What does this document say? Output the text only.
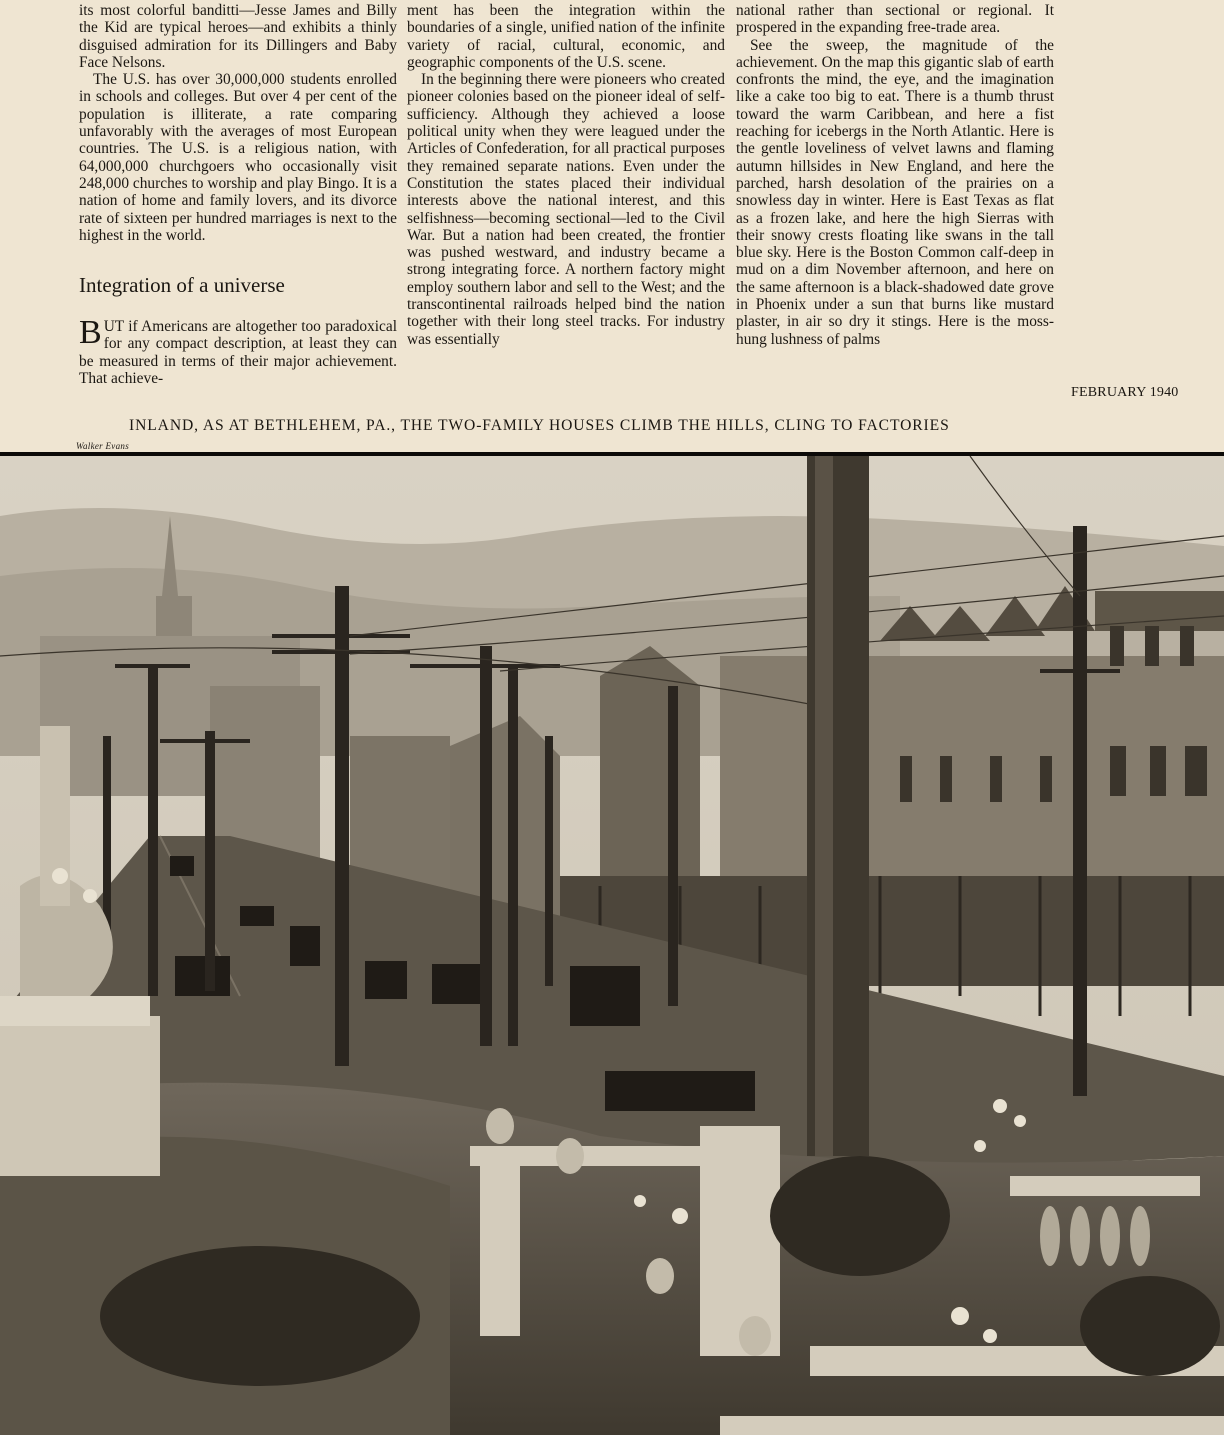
its most colorful banditti—Jesse James and Billy the Kid are typical heroes—and exhibits a thinly disguised admiration for its Dillingers and Baby Face Nelsons.

The U.S. has over 30,000,000 students enrolled in schools and colleges. But over 4 per cent of the population is illiterate, a rate comparing unfavorably with the averages of most European countries. The U.S. is a religious nation, with 64,000,000 churchgoers who occasionally visit 248,000 churches to worship and play Bingo. It is a nation of home and family lovers, and its divorce rate of sixteen per hundred marriages is next to the highest in the world.

Integration of a universe

BUT if Americans are altogether too paradoxical for any compact description, at least they can be measured in terms of their major achievement. That achieve-

ment has been the integration within the boundaries of a single, unified nation of the infinite variety of racial, cultural, economic, and geographic components of the U.S. scene.

In the beginning there were pioneers who created pioneer colonies based on the pioneer ideal of self-sufficiency. Although they achieved a loose political unity when they were leagued under the Articles of Confederation, for all practical purposes they remained separate nations. Even under the Constitution the states placed their individual interests above the national interest, and this selfishness—becoming sectional—led to the Civil War. But a nation had been created, the frontier was pushed westward, and industry became a strong integrating force. A northern factory might employ southern labor and sell to the West; and the transcontinental railroads helped bind the nation together with their long steel tracks. For industry was essentially

national rather than sectional or regional. It prospered in the expanding free-trade area.

See the sweep, the magnitude of the achievement. On the map this gigantic slab of earth confronts the mind, the eye, and the imagination like a cake too big to eat. There is a thumb thrust toward the warm Caribbean, and here a fist reaching for icebergs in the North Atlantic. Here is the gentle loveliness of velvet lawns and flaming autumn hillsides in New England, and here the parched, harsh desolation of the prairies on a snowless day in winter. Here is East Texas as flat as a frozen lake, and here the high Sierras with their snowy crests floating like swans in the tall blue sky. Here is the Boston Common calf-deep in mud on a dim November afternoon, and here on the same afternoon is a black-shadowed date grove in Phoenix under a sun that burns like mustard plaster, in air so dry it stings. Here is the moss-hung lushness of palms

FEBRUARY 1940
INLAND, AS AT BETHLEHEM, PA., THE TWO-FAMILY HOUSES CLIMB THE HILLS, CLING TO FACTORIES
Walker Evans
